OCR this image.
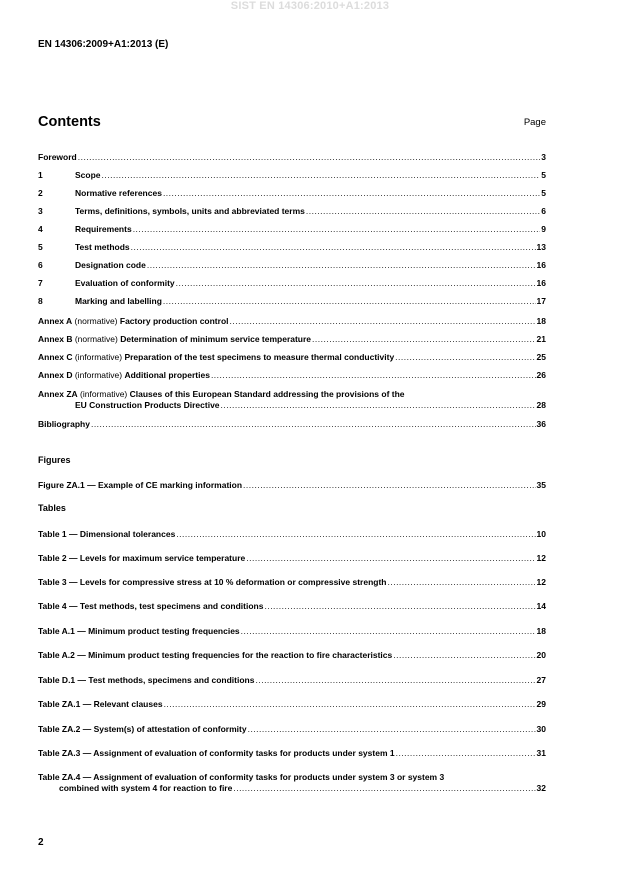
SIST EN 14306:2010+A1:2013
EN 14306:2009+A1:2013 (E)
Contents	Page
Foreword .....	3
1	Scope .....	5
2	Normative references .....	5
3	Terms, definitions, symbols, units and abbreviated terms .....	6
4	Requirements .....	9
5	Test methods .....	13
6	Designation code .....	16
7	Evaluation of conformity .....	16
8	Marking and labelling .....	17
Annex A (normative) Factory production control .....	18
Annex B (normative) Determination of minimum service temperature .....	21
Annex C (informative) Preparation of the test specimens to measure thermal conductivity .....	25
Annex D (informative) Additional properties .....	26
Annex ZA (informative) Clauses of this European Standard addressing the provisions of the
EU Construction Products Directive .....	28
Bibliography .....	36
Figures
Figure ZA.1 — Example of CE marking information .....	35
Tables
Table 1 — Dimensional tolerances .....	10
Table 2 — Levels for maximum service temperature .....	12
Table 3 — Levels for compressive stress at 10 % deformation or compressive strength .....	12
Table 4 — Test methods, test specimens and conditions .....	14
Table A.1 — Minimum product testing frequencies .....	18
Table A.2 — Minimum product testing frequencies for the reaction to fire characteristics .....	20
Table D.1 — Test methods, specimens and conditions .....	27
Table ZA.1 — Relevant clauses .....	29
Table ZA.2 — System(s) of attestation of conformity .....	30
Table ZA.3 — Assignment of evaluation of conformity tasks for products under system 1 .....	31
Table ZA.4 — Assignment of evaluation of conformity tasks for products under system 3 or system 3
combined with system 4 for reaction to fire .....	32
2
